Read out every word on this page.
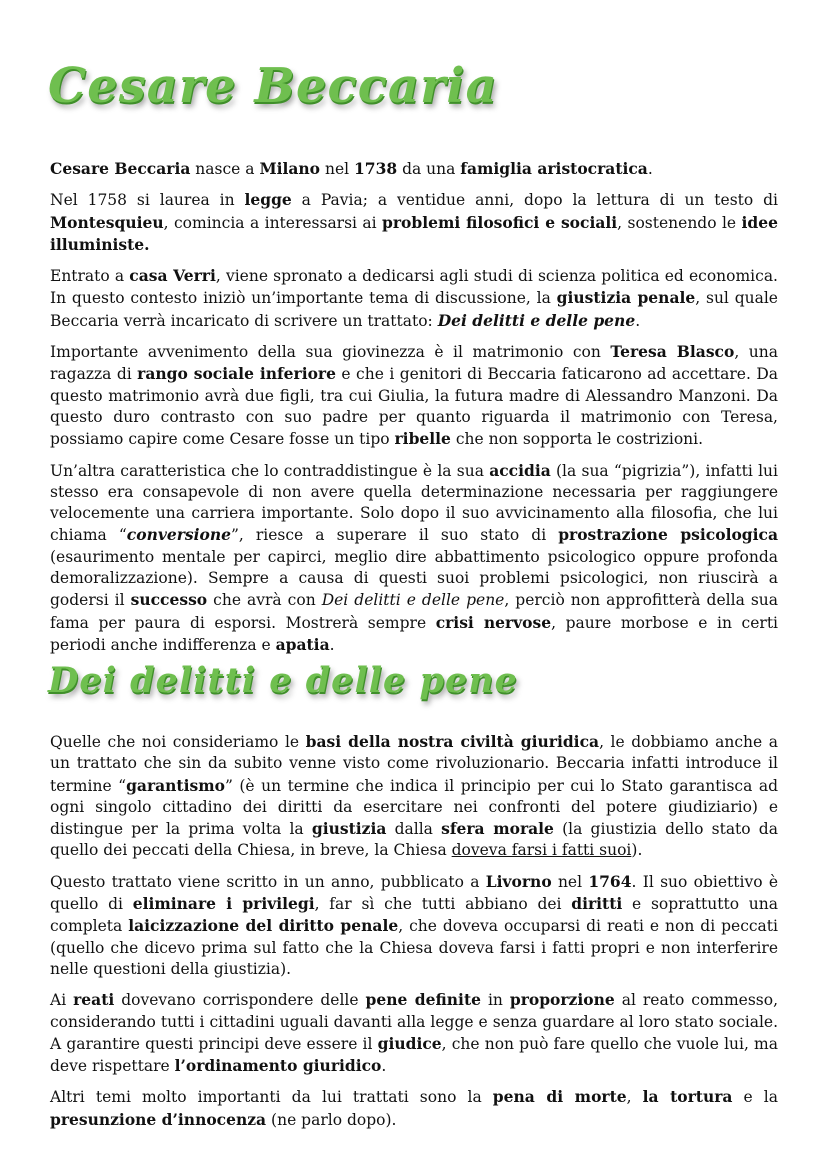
Cesare Beccaria

Cesare Beccaria nasce a Milano nel 1738 da una famiglia aristocratica.

Nel 1758 si laurea in legge a Pavia; a ventidue anni, dopo la lettura di un testo di Montesquieu, comincia a interessarsi ai problemi filosofici e sociali, sostenendo le idee illuministe.

Entrato a casa Verri, viene spronato a dedicarsi agli studi di scienza politica ed economica. In questo contesto iniziò un’importante tema di discussione, la giustizia penale, sul quale Beccaria verrà incaricato di scrivere un trattato: Dei delitti e delle pene.

Importante avvenimento della sua giovinezza è il matrimonio con Teresa Blasco, una ragazza di rango sociale inferiore e che i genitori di Beccaria faticarono ad accettare. Da questo matrimonio avrà due figli, tra cui Giulia, la futura madre di Alessandro Manzoni. Da questo duro contrasto con suo padre per quanto riguarda il matrimonio con Teresa, possiamo capire come Cesare fosse un tipo ribelle che non sopporta le costrizioni.

Un’altra caratteristica che lo contraddistingue è la sua accidia (la sua “pigrizia”), infatti lui stesso era consapevole di non avere quella determinazione necessaria per raggiungere velocemente una carriera importante. Solo dopo il suo avvicinamento alla filosofia, che lui chiama “conversione”, riesce a superare il suo stato di prostrazione psicologica (esaurimento mentale per capirci, meglio dire abbattimento psicologico oppure profonda demoralizzazione). Sempre a causa di questi suoi problemi psicologici, non riuscirà a godersi il successo che avrà con Dei delitti e delle pene, perciò non approfitterà della sua fama per paura di esporsi. Mostrerà sempre crisi nervose, paure morbose e in certi periodi anche indifferenza e apatia.

Dei delitti e delle pene

Quelle che noi consideriamo le basi della nostra civiltà giuridica, le dobbiamo anche a un trattato che sin da subito venne visto come rivoluzionario. Beccaria infatti introduce il termine “garantismo” (è un termine che indica il principio per cui lo Stato garantisca ad ogni singolo cittadino dei diritti da esercitare nei confronti del potere giudiziario) e distingue per la prima volta la giustizia dalla sfera morale (la giustizia dello stato da quello dei peccati della Chiesa, in breve, la Chiesa doveva farsi i fatti suoi).

Questo trattato viene scritto in un anno, pubblicato a Livorno nel 1764. Il suo obiettivo è quello di eliminare i privilegi, far sì che tutti abbiano dei diritti e soprattutto una completa laicizzazione del diritto penale, che doveva occuparsi di reati e non di peccati (quello che dicevo prima sul fatto che la Chiesa doveva farsi i fatti propri e non interferire nelle questioni della giustizia).

Ai reati dovevano corrispondere delle pene definite in proporzione al reato commesso, considerando tutti i cittadini uguali davanti alla legge e senza guardare al loro stato sociale. A garantire questi principi deve essere il giudice, che non può fare quello che vuole lui, ma deve rispettare l’ordinamento giuridico.

Altri temi molto importanti da lui trattati sono la pena di morte, la tortura e la presunzione d’innocenza (ne parlo dopo).
